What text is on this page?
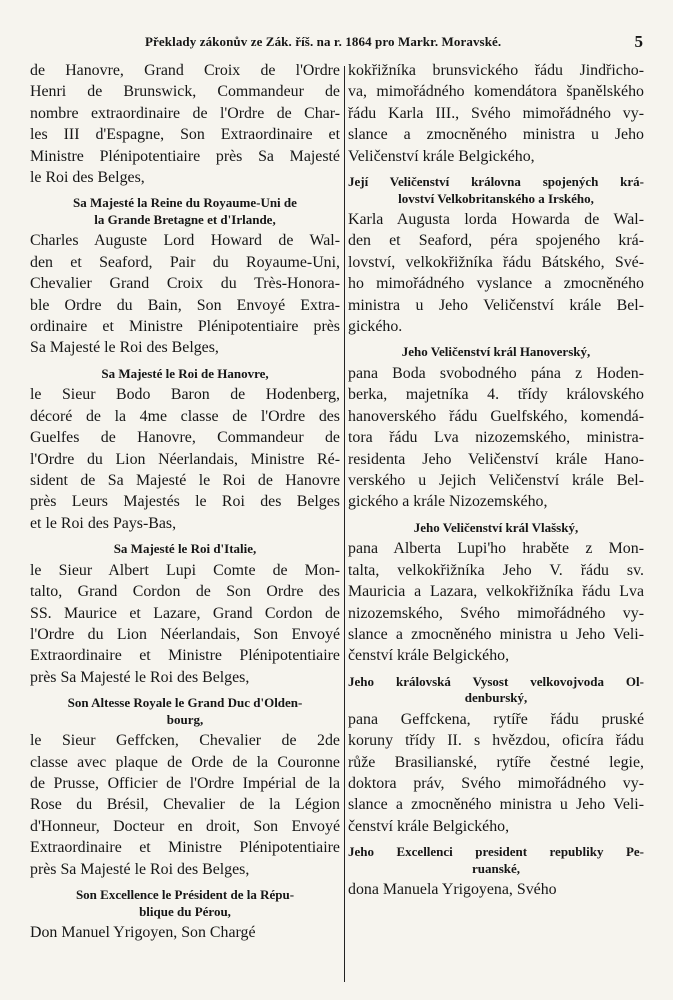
Překlady zákonův ze Zák. říš. na r. 1864 pro Markr. Moravské.	5

de Hanovre, Grand Croix de l'Ordre

Henri de Brunswick, Commandeur de

nombre extraordinaire de l'Ordre de Char-

les III d'Espagne, Son Extraordinaire et

Ministre Plénipotentiaire près Sa Majesté

le Roi des Belges,

Sa Majesté la Reine du Royaume-Uni de

la Grande Bretagne et d'Irlande,

Charles Auguste Lord Howard de Wal-

den et Seaford, Pair du Royaume-Uni,

Chevalier Grand Croix du Très-Honora-

ble Ordre du Bain, Son Envoyé Extra-

ordinaire et Ministre Plénipotentiaire près

Sa Majesté le Roi des Belges,

Sa Majesté le Roi de Hanovre,

le Sieur Bodo Baron de Hodenberg,

décoré de la 4me classe de l'Ordre des

Guelfes de Hanovre, Commandeur de

l'Ordre du Lion Néerlandais, Ministre Ré-

sident de Sa Majesté le Roi de Hanovre

près Leurs Majestés le Roi des Belges

et le Roi des Pays-Bas,

Sa Majesté le Roi d'Italie,

le Sieur Albert Lupi Comte de Mon-

talto, Grand Cordon de Son Ordre des

SS. Maurice et Lazare, Grand Cordon de

l'Ordre du Lion Néerlandais, Son Envoyé

Extraordinaire et Ministre Plénipotentiaire

près Sa Majesté le Roi des Belges,

Son Altesse Royale le Grand Duc d'Olden-

bourg,

le Sieur Geffcken, Chevalier de 2de

classe avec plaque de Orde de la Couronne

de Prusse, Officier de l'Ordre Impérial de la

Rose du Brésil, Chevalier de la Légion

d'Honneur, Docteur en droit, Son Envoyé

Extraordinaire et Ministre Plénipotentiaire

près Sa Majesté le Roi des Belges,

Son Excellence le Président de la Répu-

blique du Pérou,

Don Manuel Yrigoyen, Son Chargé

kokřižníka brunsvického řádu Jindřicho-

va, mimořádného komendátora španělského

řádu Karla III., Svého mimořádného vy-

slance a zmocněného ministra u Jeho

Veličenství krále Belgického,

Její Veličenství královna spojených krá-

lovství Velkobritanského a Irského,

Karla Augusta lorda Howarda de Wal-

den et Seaford, péra spojeného krá-

lovství, velkokřižníka řádu Bátského, Své-

ho mimořádného vyslance a zmocněného

ministra u Jeho Veličenství krále Bel-

gického.

Jeho Veličenství král Hanoverský,

pana Boda svobodného pána z Hoden-

berka, majetníka 4. třídy královského

hanoverského řádu Guelfského, komendá-

tora řádu Lva nizozemského, ministra-

residenta Jeho Veličenství krále Hano-

verského u Jejich Veličenství krále Bel-

gického a krále Nizozemského,

Jeho Veličenství král Vlašský,

pana Alberta Lupi'ho hraběte z Mon-

talta, velkokřižníka Jeho V. řádu sv.

Mauricia a Lazara, velkokřižníka řádu Lva

nizozemského, Svého mimořádného vy-

slance a zmocněného ministra u Jeho Veli-

čenství krále Belgického,

Jeho královská Vysost velkovojvoda Ol-

denburský,

pana Geffckena, rytíře řádu pruské

koruny třídy II. s hvězdou, oficíra řádu

růže Brasilianské, rytíře čestné legie,

doktora práv, Svého mimořádného vy-

slance a zmocněného ministra u Jeho Veli-

čenství krále Belgického,

Jeho Excellenci president republiky Pe-

ruanské,

dona Manuela Yrigoyena, Svého
